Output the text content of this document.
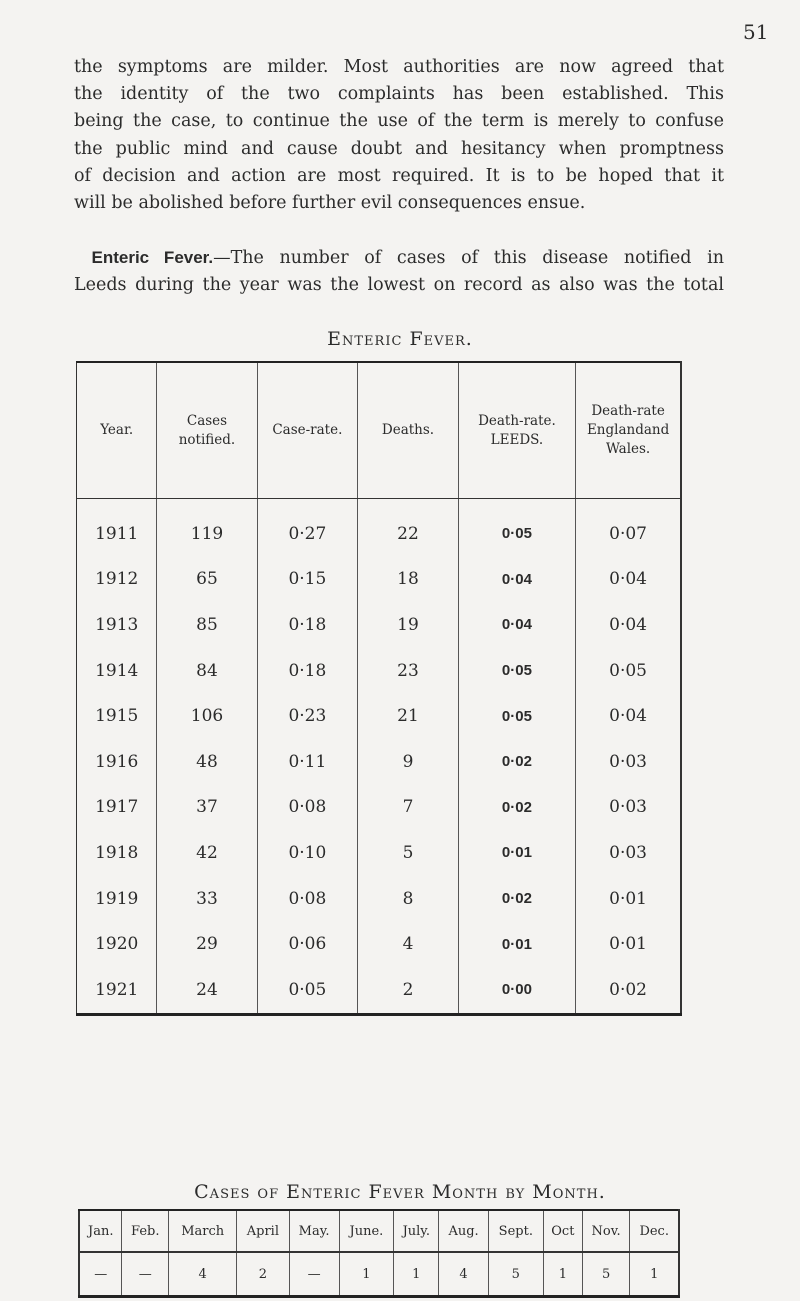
51
the symptoms are milder. Most authorities are now agreed that
the identity of the two complaints has been established. This
being the case, to continue the use of the term is merely to confuse
the public mind and cause doubt and hesitancy when promptness
of decision and action are most required. It is to be hoped that it
will be abolished before further evil consequences ensue.
 Enteric Fever.—The number of cases of this disease notified in
Leeds during the year was the lowest on record as also was the total
Enteric Fever.
Year.	Cases notified.	Case-rate.	Deaths.	Death-rate. LEEDS.	Death-rate Englandand Wales.
1911	119	0·27	22	0·05	0·07
1912	65	0·15	18	0·04	0·04
1913	85	0·18	19	0·04	0·04
1914	84	0·18	23	0·05	0·05
1915	106	0·23	21	0·05	0·04
1916	48	0·11	9	0·02	0·03
1917	37	0·08	7	0·02	0·03
1918	42	0·10	5	0·01	0·03
1919	33	0·08	8	0·02	0·01
1920	29	0·06	4	0·01	0·01
1921	24	0·05	2	0·00	0·02
Cases of Enteric Fever Month by Month.
Jan.	Feb.	March	April	May.	June.	July.	Aug.	Sept.	Oct	Nov.	Dec.
—	—	4	2	—	1	1	4	5	1	5	1
